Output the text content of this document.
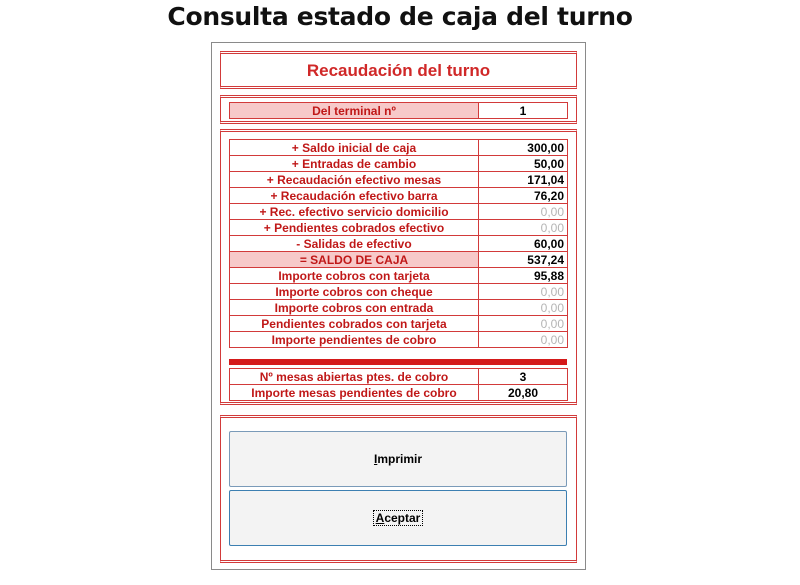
Consulta estado de caja del turno
Recaudación del turno
Del terminal nº	1
+ Saldo inicial de caja	300,00
+ Entradas de cambio	50,00
+ Recaudación efectivo mesas	171,04
+ Recaudación efectivo barra	76,20
+ Rec. efectivo servicio domicilio	0,00
+ Pendientes cobrados efectivo	0,00
- Salidas de efectivo	60,00
= SALDO DE CAJA	537,24
Importe cobros con tarjeta	95,88
Importe cobros con cheque	0,00
Importe cobros con entrada	0,00
Pendientes cobrados con tarjeta	0,00
Importe pendientes de cobro	0,00
Nº mesas abiertas ptes. de cobro	3
Importe mesas pendientes de cobro	20,80
Imprimir
Aceptar
